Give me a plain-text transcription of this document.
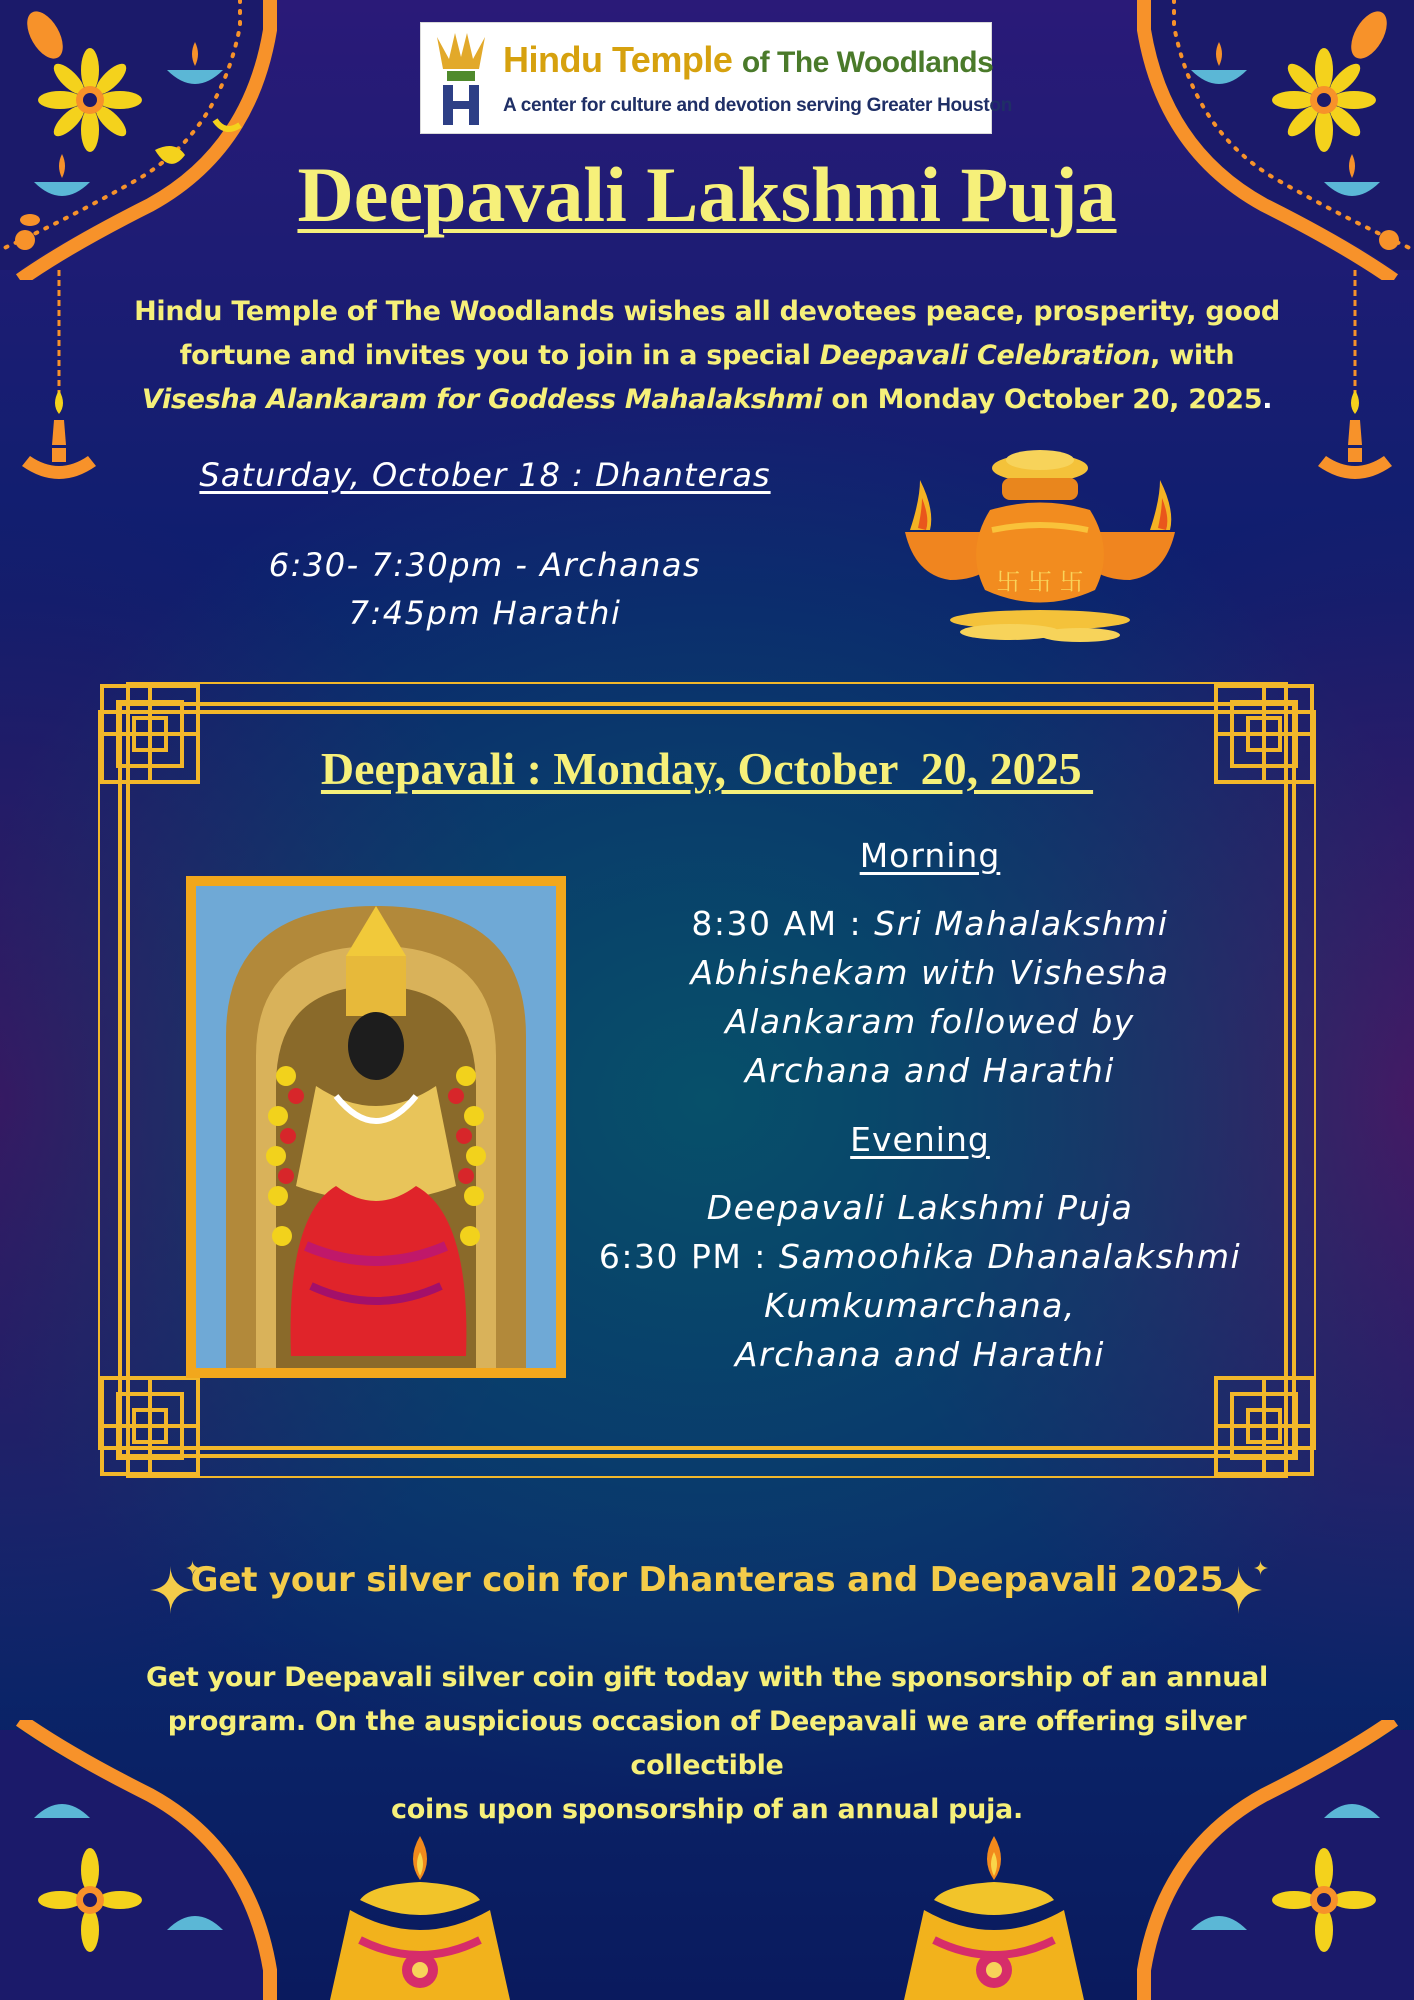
Hindu Temple of The Woodlands
A center for culture and devotion serving Greater Houston
Deepavali Lakshmi Puja
Hindu Temple of The Woodlands wishes all devotees peace, prosperity, good
fortune and invites you to join in a special Deepavali Celebration, with
Visesha Alankaram for Goddess Mahalakshmi on Monday October 20, 2025.
Saturday, October 18 : Dhanteras
6:30- 7:30pm - Archanas
7:45pm Harathi
卐 卐 卐
Deepavali : Monday, October  20, 2025
Morning
8:30 AM : Sri Mahalakshmi
Abhishekam with Vishesha
Alankaram followed by
Archana and Harathi
Evening
Deepavali Lakshmi Puja
6:30 PM : Samoohika Dhanalakshmi
Kumkumarchana,
Archana and Harathi
Get your silver coin for Dhanteras and Deepavali 2025
Get your Deepavali silver coin gift today with the sponsorship of an annual
program. On the auspicious occasion of Deepavali we are offering silver collectible
coins upon sponsorship of an annual puja.
